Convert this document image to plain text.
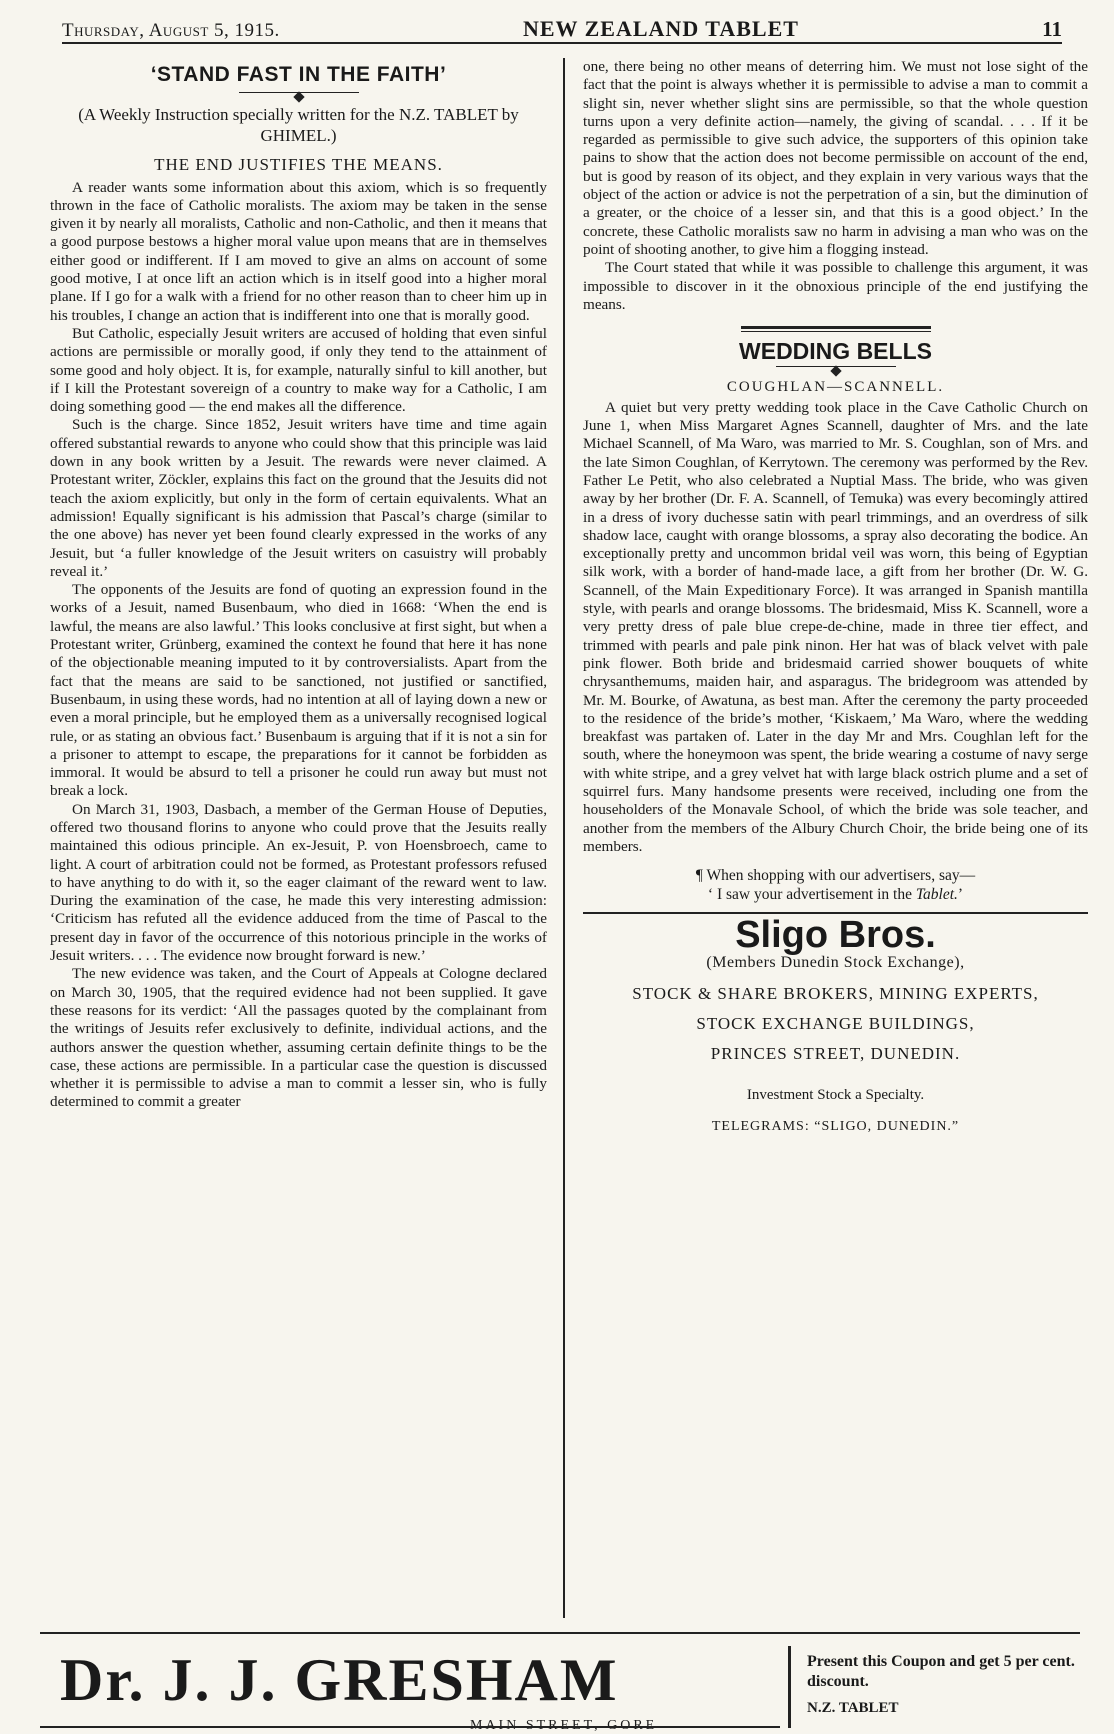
Thursday, August 5, 1915.	NEW ZEALAND TABLET	11
‘STAND FAST IN THE FAITH’
(A Weekly Instruction specially written for the N.Z. TABLET by GHIMEL.)
THE END JUSTIFIES THE MEANS.

A reader wants some information about this axiom, which is so frequently thrown in the face of Catholic moralists. The axiom may be taken in the sense given it by nearly all moralists, Catholic and non-Catholic, and then it means that a good purpose bestows a higher moral value upon means that are in themselves either good or indifferent. If I am moved to give an alms on account of some good motive, I at once lift an action which is in itself good into a higher moral plane. If I go for a walk with a friend for no other reason than to cheer him up in his troubles, I change an action that is indifferent into one that is morally good.

But Catholic, especially Jesuit writers are accused of holding that even sinful actions are permissible or morally good, if only they tend to the attainment of some good and holy object. It is, for example, naturally sinful to kill another, but if I kill the Protestant sovereign of a country to make way for a Catholic, I am doing something good — the end makes all the difference.

Such is the charge. Since 1852, Jesuit writers have time and time again offered substantial rewards to anyone who could show that this principle was laid down in any book written by a Jesuit. The rewards were never claimed. A Protestant writer, Zöckler, explains this fact on the ground that the Jesuits did not teach the axiom explicitly, but only in the form of certain equivalents. What an admission! Equally significant is his admission that Pascal’s charge (similar to the one above) has never yet been found clearly expressed in the works of any Jesuit, but ‘a fuller knowledge of the Jesuit writers on casuistry will probably reveal it.’

The opponents of the Jesuits are fond of quoting an expression found in the works of a Jesuit, named Busenbaum, who died in 1668: ‘When the end is lawful, the means are also lawful.’ This looks conclusive at first sight, but when a Protestant writer, Grünberg, examined the context he found that here it has none of the objectionable meaning imputed to it by controversialists. Apart from the fact that the means are said to be sanctioned, not justified or sanctified, Busenbaum, in using these words, had no intention at all of laying down a new or even a moral principle, but he employed them as a universally recognised logical rule, or as stating an obvious fact.’ Busenbaum is arguing that if it is not a sin for a prisoner to attempt to escape, the preparations for it cannot be forbidden as immoral. It would be absurd to tell a prisoner he could run away but must not break a lock.

On March 31, 1903, Dasbach, a member of the German House of Deputies, offered two thousand florins to anyone who could prove that the Jesuits really maintained this odious principle. An ex-Jesuit, P. von Hoensbroech, came to light. A court of arbitration could not be formed, as Protestant professors refused to have anything to do with it, so the eager claimant of the reward went to law. During the examination of the case, he made this very interesting admission: ‘Criticism has refuted all the evidence adduced from the time of Pascal to the present day in favor of the occurrence of this notorious principle in the works of Jesuit writers. . . . The evidence now brought forward is new.’

The new evidence was taken, and the Court of Appeals at Cologne declared on March 30, 1905, that the required evidence had not been supplied. It gave these reasons for its verdict: ‘All the passages quoted by the complainant from the writings of Jesuits refer exclusively to definite, individual actions, and the authors answer the question whether, assuming certain definite things to be the case, these actions are permissible. In a particular case the question is discussed whether it is permissible to advise a man to commit a lesser sin, who is fully determined to commit a greater

one, there being no other means of deterring him. We must not lose sight of the fact that the point is always whether it is permissible to advise a man to commit a slight sin, never whether slight sins are permissible, so that the whole question turns upon a very definite action—namely, the giving of scandal. . . . If it be regarded as permissible to give such advice, the supporters of this opinion take pains to show that the action does not become permissible on account of the end, but is good by reason of its object, and they explain in very various ways that the object of the action or advice is not the perpetration of a sin, but the diminution of a greater, or the choice of a lesser sin, and that this is a good object.’ In the concrete, these Catholic moralists saw no harm in advising a man who was on the point of shooting another, to give him a flogging instead.

The Court stated that while it was possible to challenge this argument, it was impossible to discover in it the obnoxious principle of the end justifying the means.

WEDDING BELLS
COUGHLAN—SCANNELL.

A quiet but very pretty wedding took place in the Cave Catholic Church on June 1, when Miss Margaret Agnes Scannell, daughter of Mrs. and the late Michael Scannell, of Ma Waro, was married to Mr. S. Coughlan, son of Mrs. and the late Simon Coughlan, of Kerrytown. The ceremony was performed by the Rev. Father Le Petit, who also celebrated a Nuptial Mass. The bride, who was given away by her brother (Dr. F. A. Scannell, of Temuka) was every becomingly attired in a dress of ivory duchesse satin with pearl trimmings, and an overdress of silk shadow lace, caught with orange blossoms, a spray also decorating the bodice. An exceptionally pretty and uncommon bridal veil was worn, this being of Egyptian silk work, with a border of hand-made lace, a gift from her brother (Dr. W. G. Scannell, of the Main Expeditionary Force). It was arranged in Spanish mantilla style, with pearls and orange blossoms. The bridesmaid, Miss K. Scannell, wore a very pretty dress of pale blue crepe-de-chine, made in three tier effect, and trimmed with pearls and pale pink ninon. Her hat was of black velvet with pale pink flower. Both bride and bridesmaid carried shower bouquets of white chrysanthemums, maiden hair, and asparagus. The bridegroom was attended by Mr. M. Bourke, of Awatuna, as best man. After the ceremony the party proceeded to the residence of the bride’s mother, ‘Kiskaem,’ Ma Waro, where the wedding breakfast was partaken of. Later in the day Mr and Mrs. Coughlan left for the south, where the honeymoon was spent, the bride wearing a costume of navy serge with white stripe, and a grey velvet hat with large black ostrich plume and a set of squirrel furs. Many handsome presents were received, including one from the householders of the Monavale School, of which the bride was sole teacher, and another from the members of the Albury Church Choir, the bride being one of its members.

¶ When shopping with our advertisers, say—
‘ I saw your advertisement in the Tablet.’
Sligo Bros.
(Members Dunedin Stock Exchange),
STOCK & SHARE BROKERS, MINING EXPERTS,
STOCK EXCHANGE BUILDINGS,
PRINCES STREET, DUNEDIN.
Investment Stock a Specialty.
TELEGRAMS: “SLIGO, DUNEDIN.”
Dr. J. J. GRESHAM
MAIN STREET, GORE
Present this Coupon and get 5 per cent. discount.
N.Z. TABLET
